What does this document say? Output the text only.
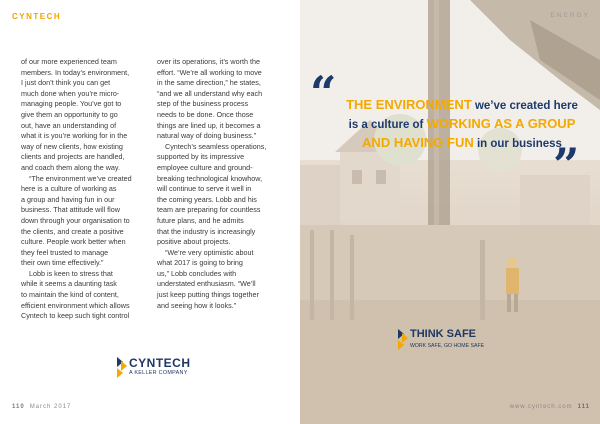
CYNTECH

of our more experienced team
members. In today’s environment,
I just don’t think you can get
much done when you’re micro-
managing people. You’ve got to
give them an opportunity to go
out, have an understanding of
what it is you’re working for in the
way of new clients, how existing
clients and projects are handled,
and coach them along the way.

“The environment we’ve created
here is a culture of working as
a group and having fun in our
business. That attitude will flow
down through your organisation to
the clients, and create a positive
culture. People work better when
they feel trusted to manage
their own time effectively.”

Lobb is keen to stress that
while it seems a daunting task
to maintain the kind of content,
efficient environment which allows
Cyntech to keep such tight control

over its operations, it’s worth the
effort. “We’re all working to move
in the same direction,” he states,
“and we all understand why each
step of the business process
needs to be done. Once those
things are lined up, it becomes a
natural way of doing business.”

Cyntech’s seamless operations,
supported by its impressive
employee culture and ground-
breaking technological knowhow,
will continue to serve it well in
the coming years. Lobb and his
team are preparing for countless
future plans, and he admits
that the industry is increasingly
positive about projects.

“We’re very optimistic about
what 2017 is going to bring
us,” Lobb concludes with
understated enthusiasm. “We’ll
just keep putting things together
and seeing how it looks.”

CYNTECH
A KELLER COMPANY
110 March 2017
ENERGY
“ THE ENVIRONMENT we’ve created here
is a culture of WORKING AS A GROUP
AND HAVING FUN in our business
”
THINK SAFE
WORK SAFE, GO HOME SAFE
www.cyntech.com 111
